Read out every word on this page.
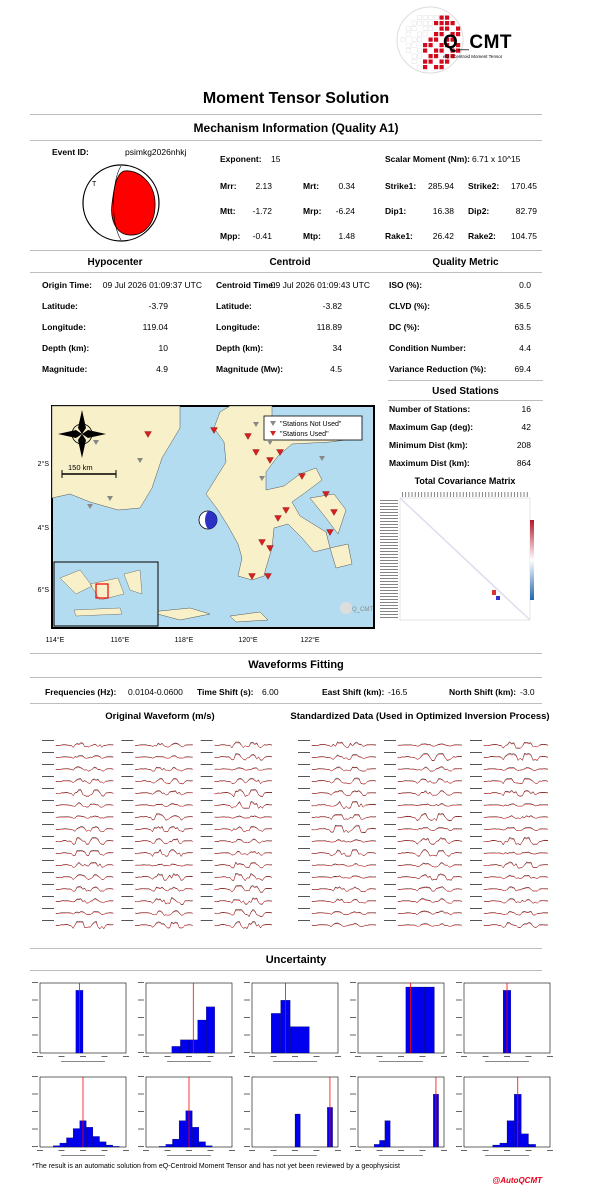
Q_CMT
eQ - Centroid Moment Tensor
Moment Tensor Solution
Mechanism Information (Quality A1)
Event ID:	psimkg2026nhkj
T
Exponent: 15	Scalar Moment (Nm): 6.71 x 10^15
Mrr: 2.13	Mrt: 0.34	Strike1: 285.94 Strike2: 170.45
Mtt: -1.72	Mrp: -6.24	Dip1:	16.38 Dip2:	82.79
Mpp: -0.41	Mtp: 1.48	Rake1: 26.42 Rake2: 104.75
Hypocenter	Centroid	Quality Metric
Origin Time: 09 Jul 2026 01:09:37 UTC
Latitude:	-3.79
Longitude:	119.04
Depth (km):	10
Magnitude:	4.9
Centroid Time:
09 Jul 2026 01:09:43 UTC
Latitude:	-3.82
Longitude:	118.89
Depth (km):	34
Magnitude (Mw):	4.5
ISO (%):	0.0
CLVD (%):	36.5
DC (%):	63.5
Condition Number:	4.4
Variance Reduction (%):	69.4
Used Stations
Number of Stations:	16
Maximum Gap (deg):	42
Minimum Dist (km):	208
Maximum Dist (km):	864
150 km
"Stations Not Used"
"Stations Used"
Q_CMT
114°E	116°E	118°E	120°E	122°E
2°S
4°S
6°S
Total Covariance Matrix
Waveforms Fitting
Frequencies (Hz): 0.0104-0.0600 Time Shift (s): 6.00	East Shift (km): -16.5	North Shift (km): -3.0
Original Waveform (m/s)	Standardized Data (Used in Optimized Inversion Process)
Uncertainty
*The result is an automatic solution from eQ-Centroid Moment Tensor and has not yet been reviewed by a geophysicist
@AutoQCMT
